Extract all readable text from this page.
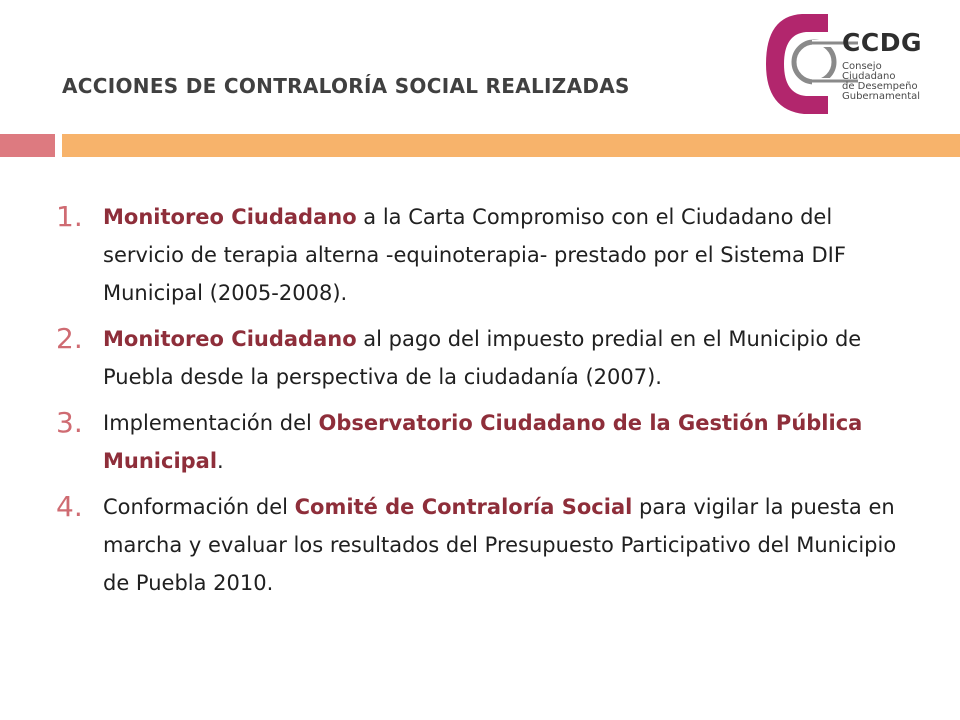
ACCIONES DE CONTRALORÍA SOCIAL REALIZADAS
CCDG
Consejo
Ciudadano
de Desempeño
Gubernamental
1. Monitoreo Ciudadano a la Carta Compromiso con el Ciudadano del servicio de terapia alterna -equinoterapia- prestado por el Sistema DIF Municipal (2005-2008).
2. Monitoreo Ciudadano al pago del impuesto predial en el Municipio de Puebla desde la perspectiva de la ciudadanía (2007).
3. Implementación del Observatorio Ciudadano de la Gestión Pública Municipal.
4. Conformación del Comité de Contraloría Social para vigilar la puesta en marcha y evaluar los resultados del Presupuesto Participativo del Municipio de Puebla 2010.
